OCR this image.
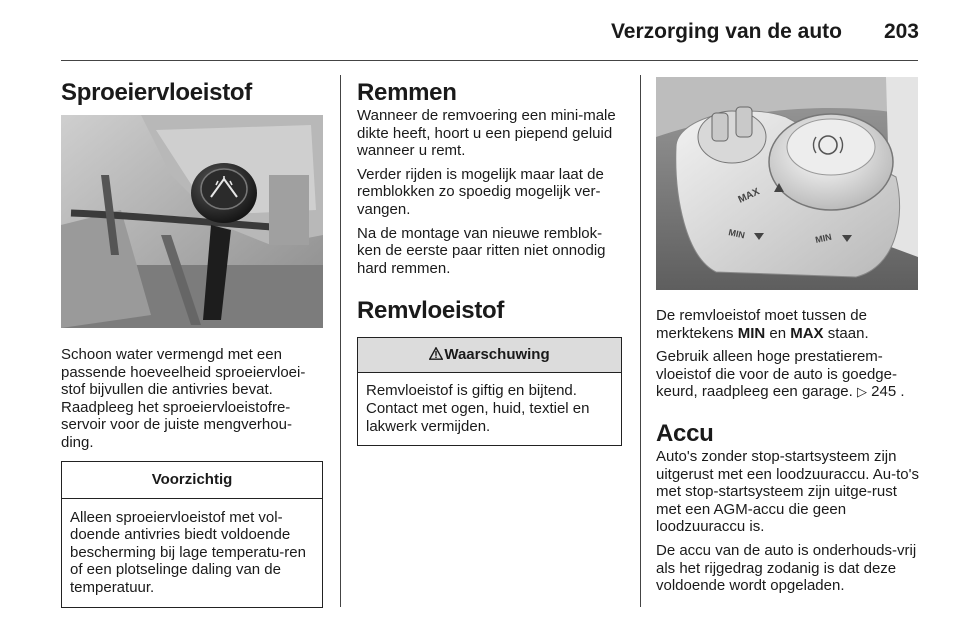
Verzorging van de auto 203
Sproeiervloeistof

Schoon water vermengd met een passende hoeveelheid sproeiervloei-stof bijvullen die antivries bevat. Raadpleeg het sproeiervloeistofre-servoir voor de juiste mengverhou-ding.

Voorzichtig

Alleen sproeiervloeistof met vol-doende antivries biedt voldoende bescherming bij lage temperatu-ren of een plotselinge daling van de temperatuur.

Remmen

Wanneer de remvoering een mini-male dikte heeft, hoort u een piepend geluid wanneer u remt.

Verder rijden is mogelijk maar laat de remblokken zo spoedig mogelijk ver-vangen.

Na de montage van nieuwe remblok-ken de eerste paar ritten niet onnodig hard remmen.

Remvloeistof
Waarschuwing

Remvloeistof is giftig en bijtend. Contact met ogen, huid, textiel en lakwerk vermijden.

MAX
MIN	MIN

De remvloeistof moet tussen de merktekens MIN en MAX staan.

Gebruik alleen hoge prestatierem-vloeistof die voor de auto is goedge-keurd, raadpleeg een garage. ▷ 245 .

Accu

Auto's zonder stop-startsysteem zijn uitgerust met een loodzuuraccu. Au-to's met stop-startsysteem zijn uitge-rust met een AGM-accu die geen loodzuuraccu is.

De accu van de auto is onderhouds-vrij als het rijgedrag zodanig is dat deze voldoende wordt opgeladen.
